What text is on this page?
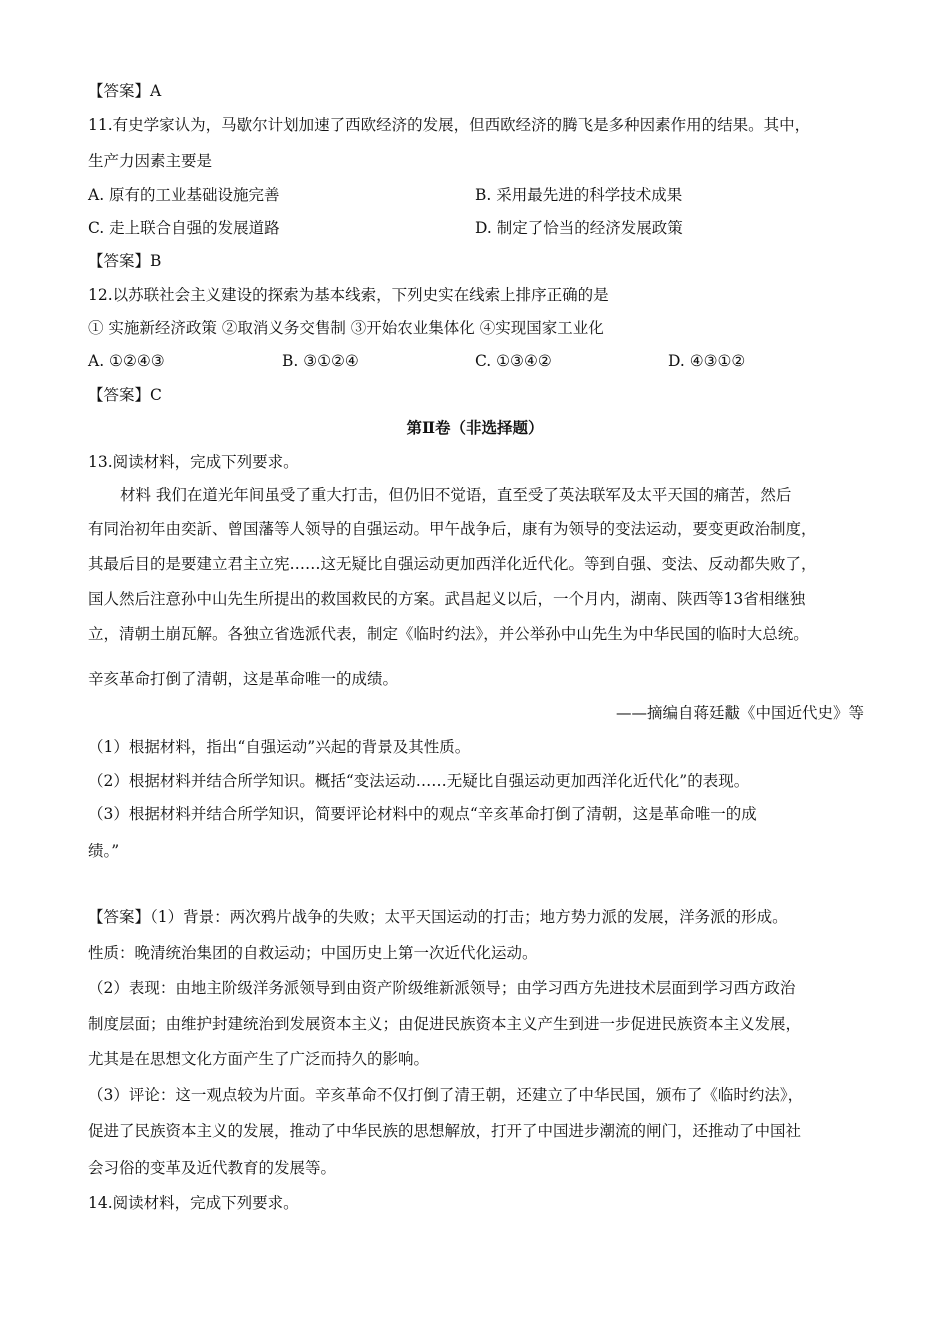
【答案】A
11.有史学家认为，马歇尔计划加速了西欧经济的发展，但西欧经济的腾飞是多种因素作用的结果。其中，
生产力因素主要是
A. 原有的工业基础设施完善	B. 采用最先进的科学技术成果
C. 走上联合自强的发展道路	D. 制定了恰当的经济发展政策
【答案】B
12.以苏联社会主义建设的探索为基本线索，下列史实在线索上排序正确的是
① 实施新经济政策 ②取消义务交售制 ③开始农业集体化 ④实现国家工业化
A. ①②④③	B. ③①②④	C. ①③④②	D. ④③①②
【答案】C
第Ⅱ卷（非选择题）
13.阅读材料，完成下列要求。
材料 我们在道光年间虽受了重大打击，但仍旧不觉语，直至受了英法联军及太平天国的痛苦，然后
有同治初年由奕訢、曾国藩等人领导的自强运动。甲午战争后，康有为领导的变法运动，要变更政治制度，
其最后目的是要建立君主立宪……这无疑比自强运动更加西洋化近代化。等到自强、变法、反动都失败了，
国人然后注意孙中山先生所提出的救国救民的方案。武昌起义以后，一个月内，湖南、陕西等13省相继独
立，清朝土崩瓦解。各独立省选派代表，制定《临时约法》，并公举孙中山先生为中华民国的临时大总统。
辛亥革命打倒了清朝，这是革命唯一的成绩。
——摘编自蒋廷黻《中国近代史》等
（1）根据材料，指出“自强运动”兴起的背景及其性质。
（2）根据材料并结合所学知识。概括“变法运动……无疑比自强运动更加西洋化近代化”的表现。
（3）根据材料并结合所学知识，简要评论材料中的观点“辛亥革命打倒了清朝，这是革命唯一的成
绩。”
【答案】（1）背景：两次鸦片战争的失败；太平天国运动的打击；地方势力派的发展，洋务派的形成。
性质：晚清统治集团的自救运动；中国历史上第一次近代化运动。
（2）表现：由地主阶级洋务派领导到由资产阶级维新派领导；由学习西方先进技术层面到学习西方政治
制度层面；由维护封建统治到发展资本主义；由促进民族资本主义产生到进一步促进民族资本主义发展，
尤其是在思想文化方面产生了广泛而持久的影响。
（3）评论：这一观点较为片面。辛亥革命不仅打倒了清王朝，还建立了中华民国，颁布了《临时约法》，
促进了民族资本主义的发展，推动了中华民族的思想解放，打开了中国进步潮流的闸门，还推动了中国社
会习俗的变革及近代教育的发展等。
14.阅读材料，完成下列要求。
